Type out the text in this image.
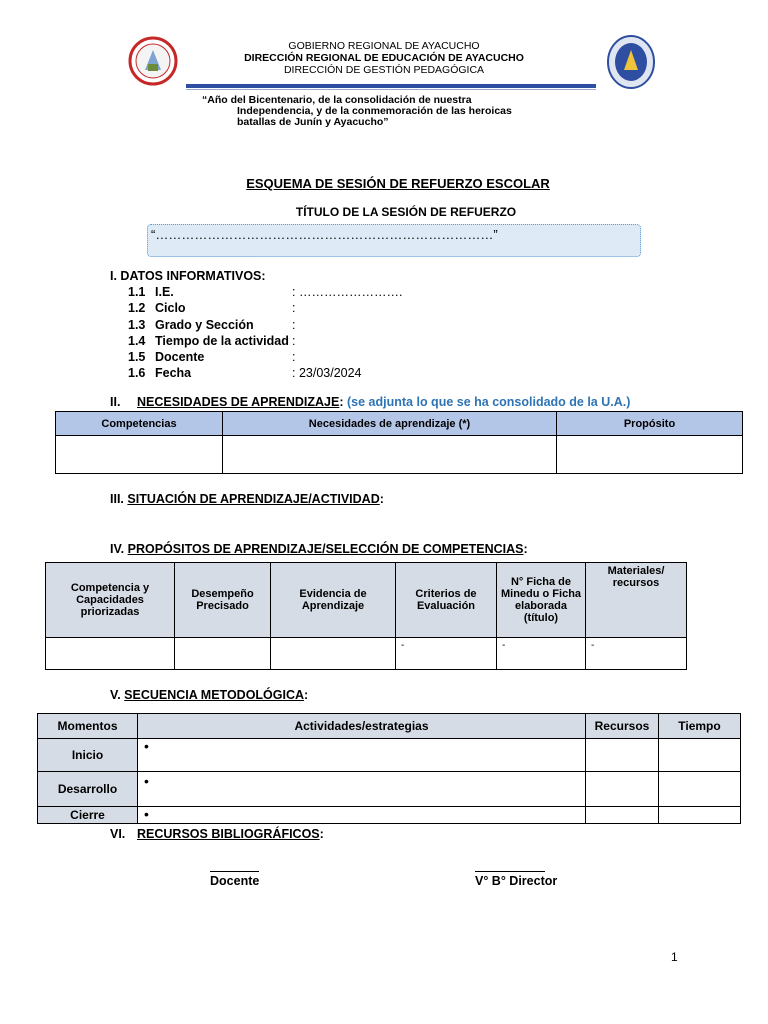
GOBIERNO REGIONAL DE AYACUCHO
DIRECCIÓN REGIONAL DE EDUCACIÓN DE AYACUCHO
DIRECCIÓN DE GESTIÓN PEDAGÓGICA
“Año del Bicentenario, de la consolidación de nuestra
Independencia, y de la conmemoración de las heroicas
batallas de Junín y Ayacucho”
ESQUEMA DE SESIÓN DE REFUERZO ESCOLAR
TÍTULO DE LA SESIÓN DE REFUERZO
“……………………………………………………………………”
I. DATOS INFORMATIVOS:
1.1 I.E.	: …………………….
1.2 Ciclo	:
1.3 Grado y Sección	:
1.4 Tiempo de la actividad :
1.5 Docente	:
1.6 Fecha	: 23/03/2024
II. NECESIDADES DE APRENDIZAJE: (se adjunta lo que se ha consolidado de la U.A.)
Competencias	Necesidades de aprendizaje (*)	Propósito

III. SITUACIÓN DE APRENDIZAJE/ACTIVIDAD:
IV. PROPÓSITOS DE APRENDIZAJE/SELECCIÓN DE COMPETENCIAS:
Competencia y Capacidades priorizadas	Desempeño Precisado	Evidencia de Aprendizaje	Criterios de Evaluación	N° Ficha de Minedu o Ficha elaborada (título)	Materiales/ recursos
			-	-	-
V. SECUENCIA METODOLÓGICA:
Momentos	Actividades/estrategias	Recursos	Tiempo
Inicio	•		
Desarrollo	•		
Cierre	•		
VI. RECURSOS BIBLIOGRÁFICOS:
Docente	V° B° Director
1
